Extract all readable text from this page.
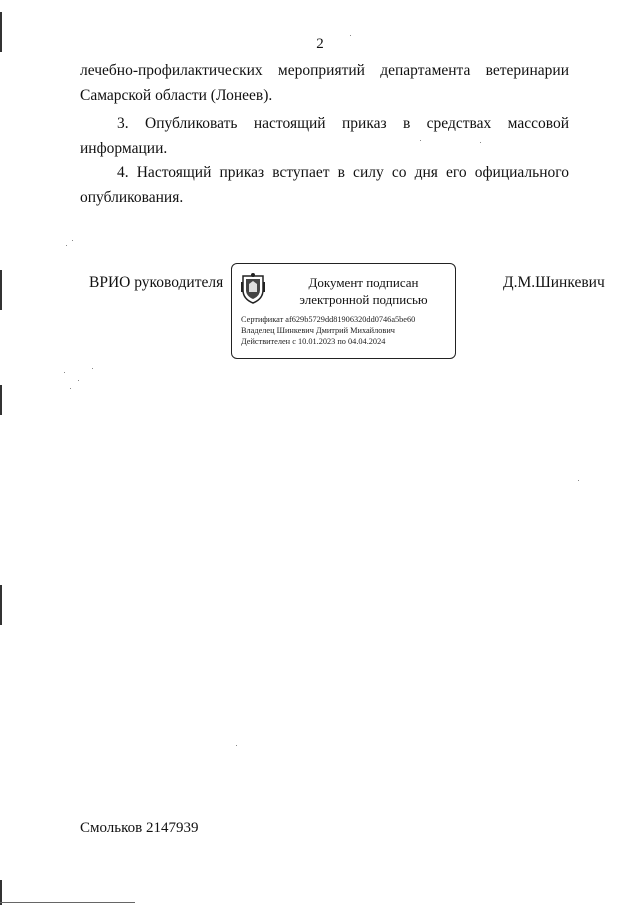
2
лечебно-профилактических мероприятий департамента ветеринарии
Самарской области (Лонеев).
3. Опубликовать настоящий приказ в средствах массовой
информации.
4. Настоящий приказ вступает в силу со дня его официального
опубликования.
ВРИО руководителя	Документ подписан
электронной подписью
Сертификат af629b5729dd81906320dd0746a5be60
Владелец Шинкевич Дмитрий Михайлович
Действителен с 10.01.2023 по 04.04.2024
Д.М.Шинкевич
Смольков 2147939
